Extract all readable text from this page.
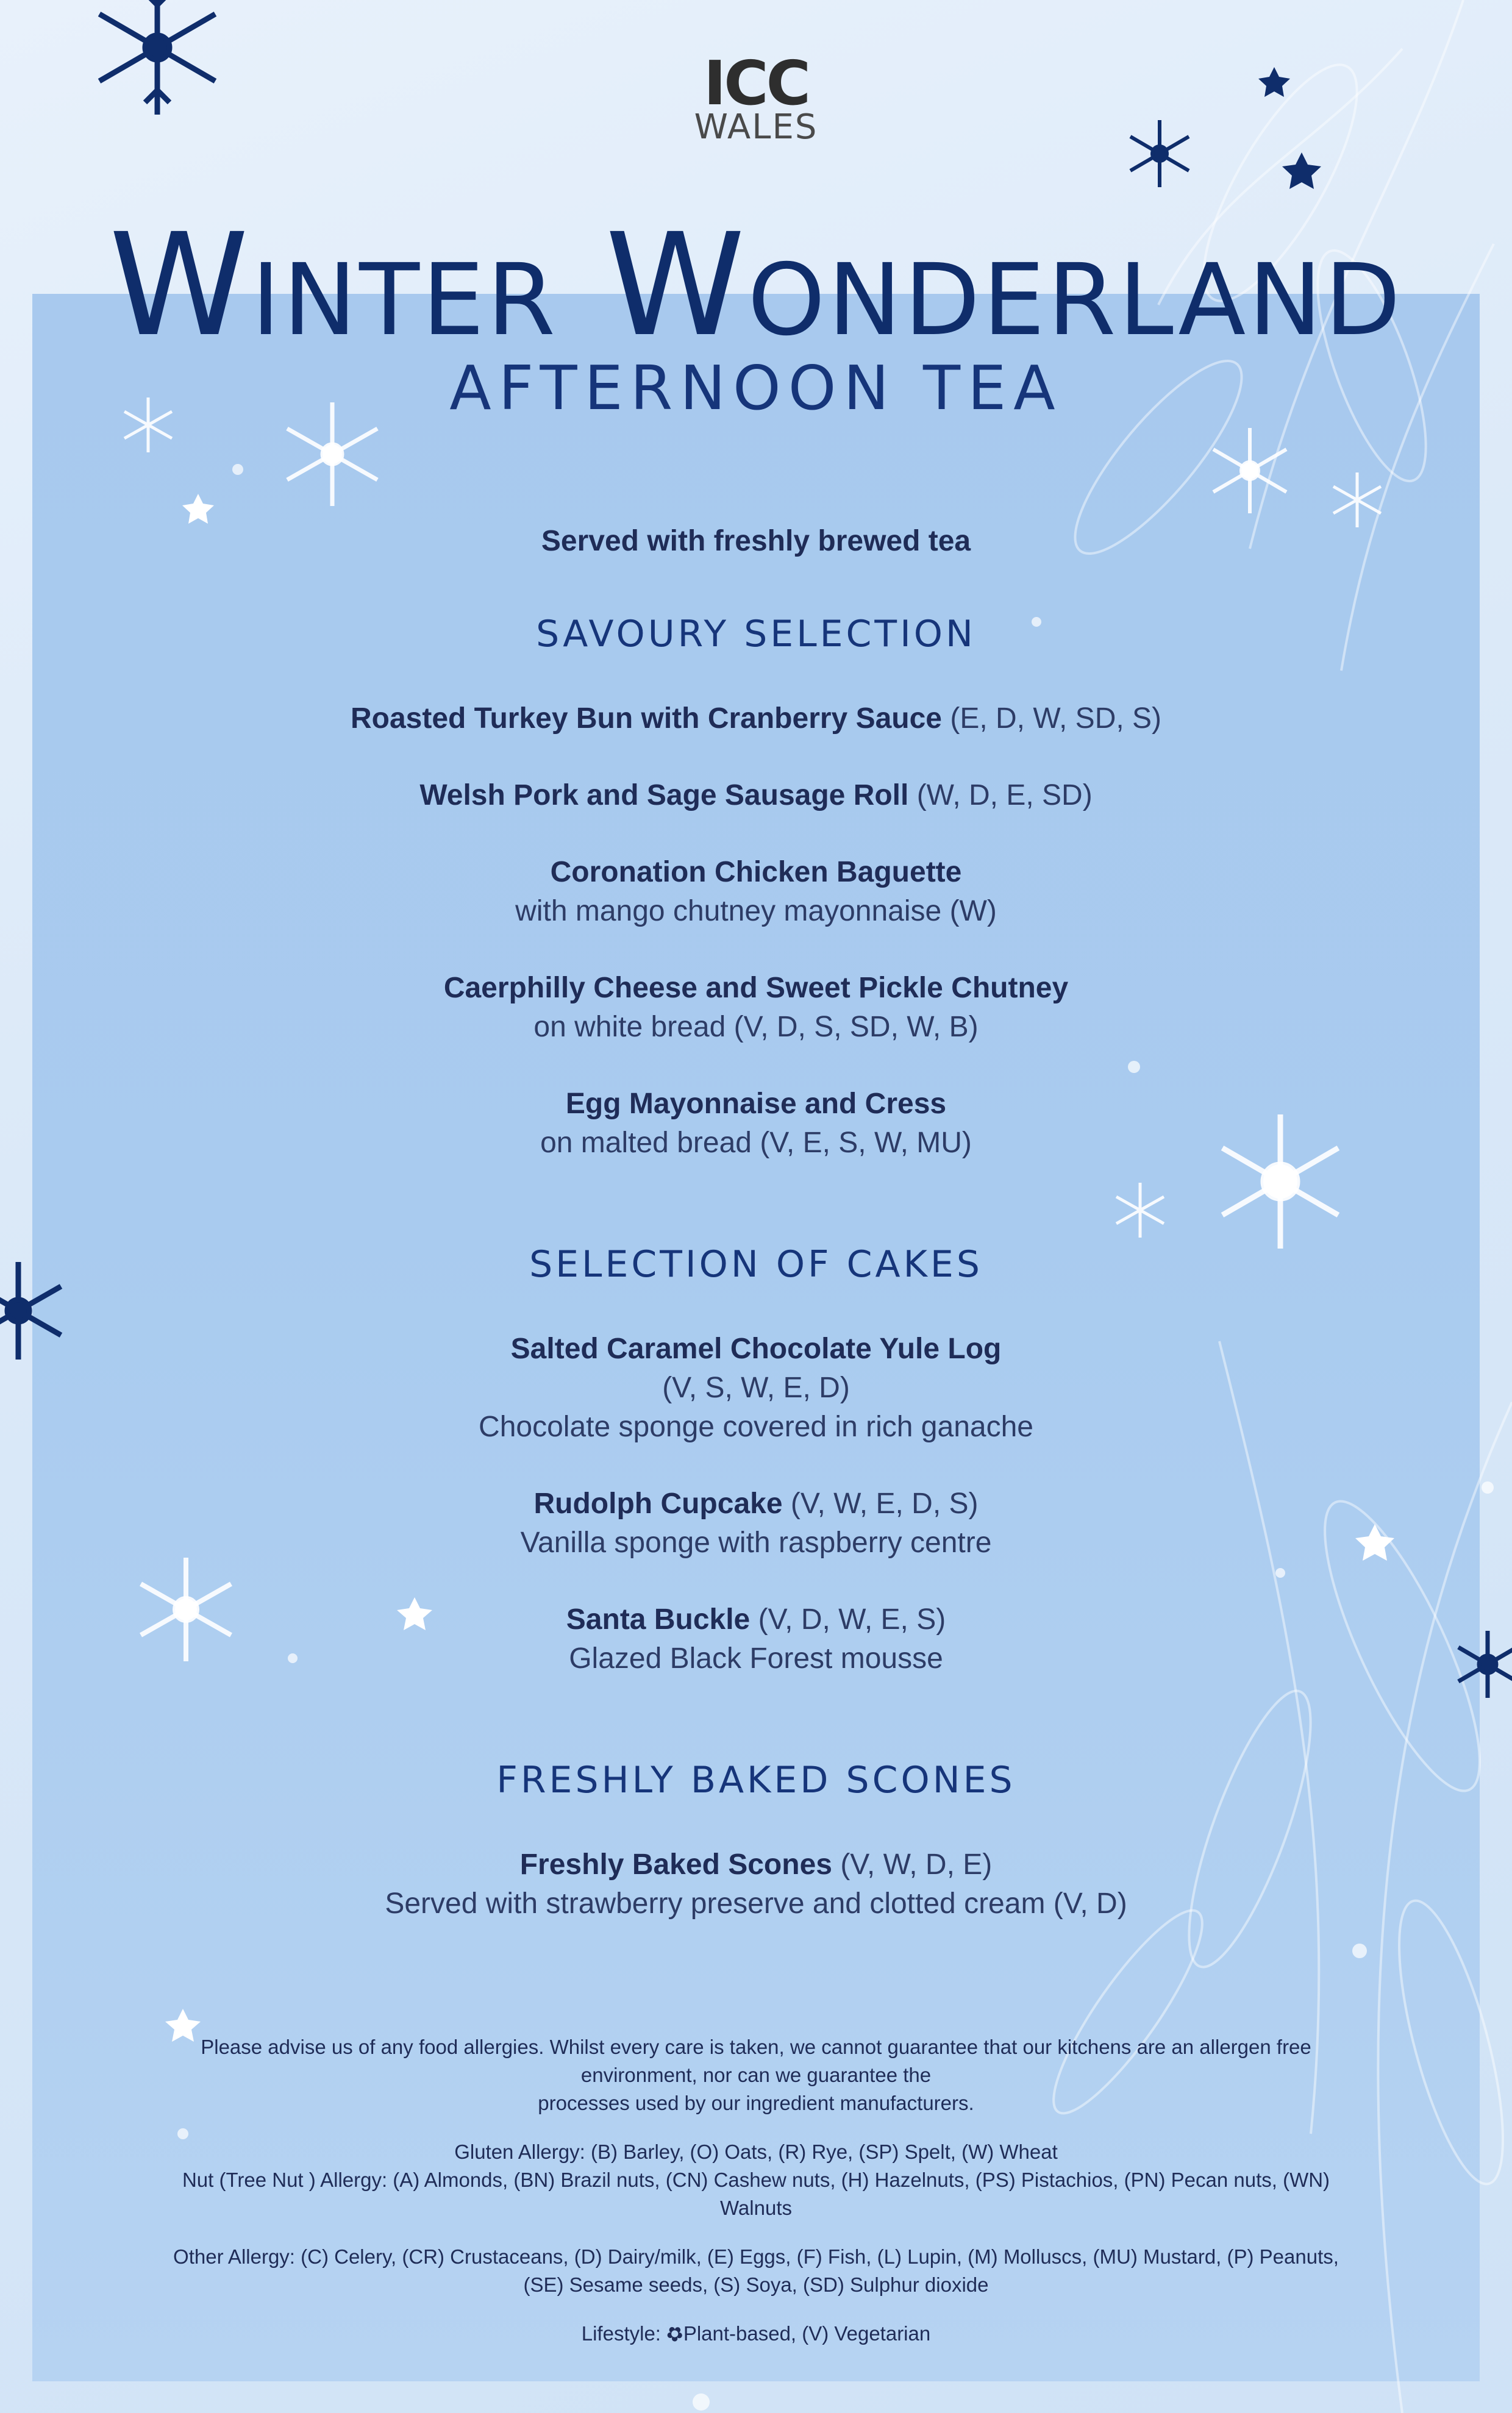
ICC
WALES
Winter Wonderland
AFTERNOON TEA
Served with freshly brewed tea
SAVOURY SELECTION
Roasted Turkey Bun with Cranberry Sauce (E, D, W, SD, S)
Welsh Pork and Sage Sausage Roll (W, D, E, SD)
Coronation Chicken Baguette
with mango chutney mayonnaise (W)
Caerphilly Cheese and Sweet Pickle Chutney
on white bread (V, D, S, SD, W, B)
Egg Mayonnaise and Cress
on malted bread (V, E, S, W, MU)
SELECTION OF CAKES
Salted Caramel Chocolate Yule Log
(V, S, W, E, D)
Chocolate sponge covered in rich ganache
Rudolph Cupcake (V, W, E, D, S)
Vanilla sponge with raspberry centre
Santa Buckle (V, D, W, E, S)
Glazed Black Forest mousse
FRESHLY BAKED SCONES
Freshly Baked Scones (V, W, D, E)
Served with strawberry preserve and clotted cream (V, D)

Please advise us of any food allergies. Whilst every care is taken, we cannot guarantee that our kitchens are an allergen free
environment, nor can we guarantee the
processes used by our ingredient manufacturers.

Gluten Allergy: (B) Barley, (O) Oats, (R) Rye, (SP) Spelt, (W) Wheat
Nut (Tree Nut ) Allergy: (A) Almonds, (BN) Brazil nuts, (CN) Cashew nuts, (H) Hazelnuts, (PS) Pistachios, (PN) Pecan nuts, (WN)
Walnuts

Other Allergy: (C) Celery, (CR) Crustaceans, (D) Dairy/milk, (E) Eggs, (F) Fish, (L) Lupin, (M) Molluscs, (MU) Mustard, (P) Peanuts,
(SE) Sesame seeds, (S) Soya, (SD) Sulphur dioxide

Lifestyle: ✿Plant-based, (V) Vegetarian
